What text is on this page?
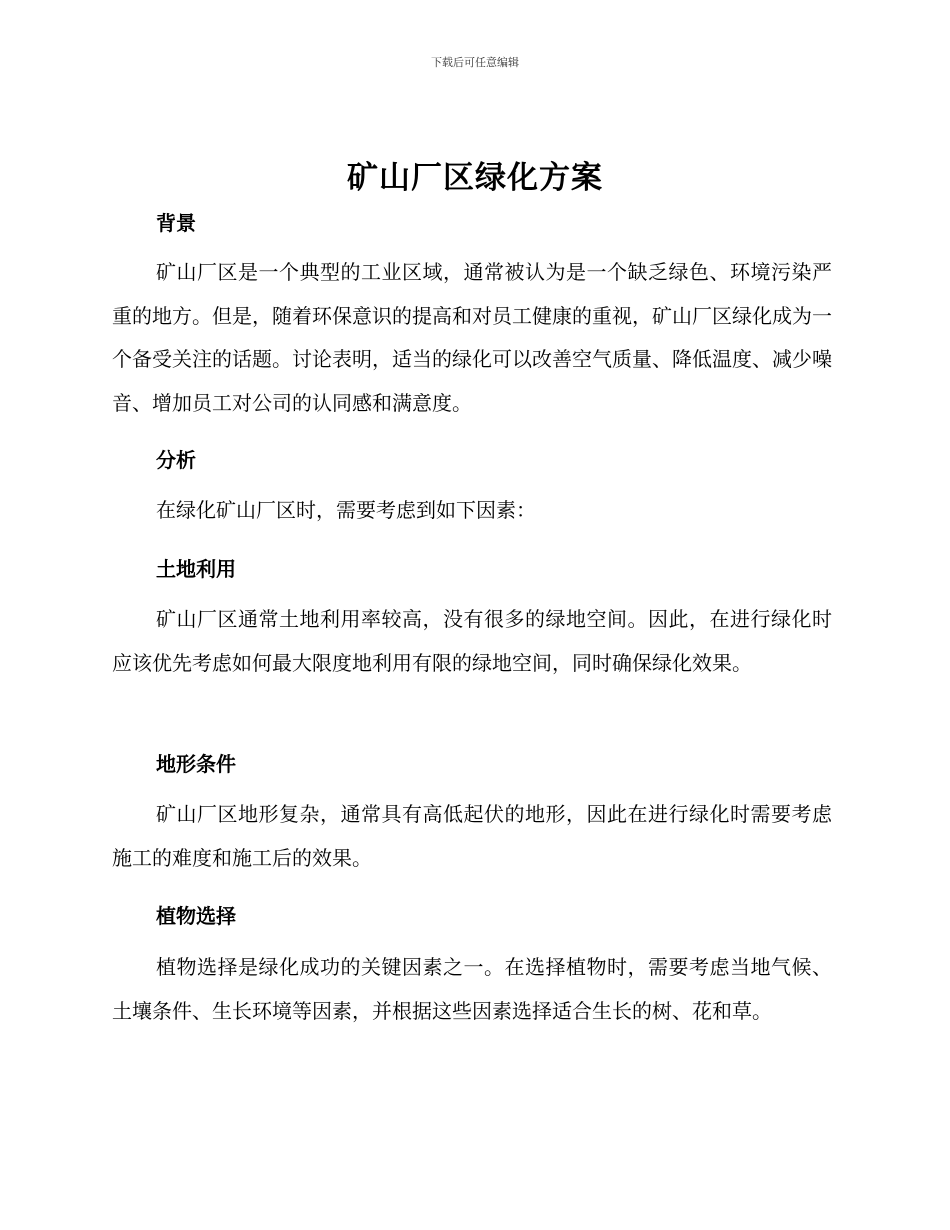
下载后可任意编辑
矿山厂区绿化方案
背景
矿山厂区是一个典型的工业区域，通常被认为是一个缺乏绿色、环境污染严重的地方。但是，随着环保意识的提高和对员工健康的重视，矿山厂区绿化成为一个备受关注的话题。讨论表明，适当的绿化可以改善空气质量、降低温度、减少噪音、增加员工对公司的认同感和满意度。
分析
在绿化矿山厂区时，需要考虑到如下因素：
土地利用
矿山厂区通常土地利用率较高，没有很多的绿地空间。因此，在进行绿化时应该优先考虑如何最大限度地利用有限的绿地空间，同时确保绿化效果。
地形条件
矿山厂区地形复杂，通常具有高低起伏的地形，因此在进行绿化时需要考虑施工的难度和施工后的效果。
植物选择
植物选择是绿化成功的关键因素之一。在选择植物时，需要考虑当地气候、土壤条件、生长环境等因素，并根据这些因素选择适合生长的树、花和草。
